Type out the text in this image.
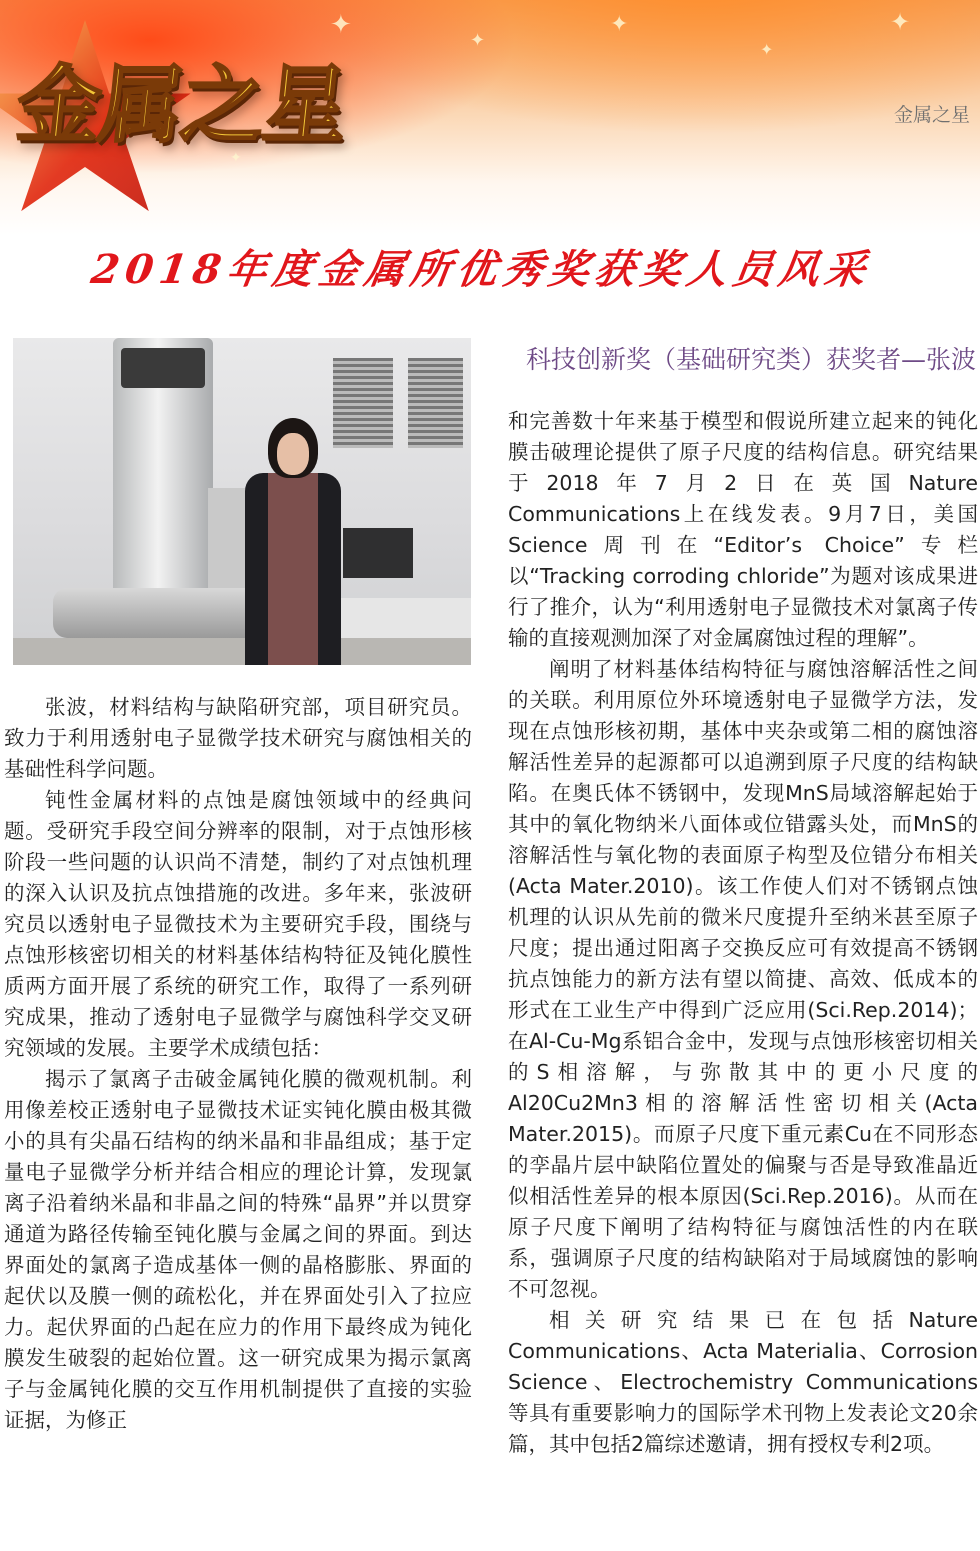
✦
✦
✦
✦
✦
✦
金属之星	金属之星
2018年度金属所优秀奖获奖人员风采
科技创新奖（基础研究类）获奖者—张波

张波，材料结构与缺陷研究部，项目研究员。致力于利用透射电子显微学技术研究与腐蚀相关的基础性科学问题。

钝性金属材料的点蚀是腐蚀领域中的经典问题。受研究手段空间分辨率的限制，对于点蚀形核阶段一些问题的认识尚不清楚，制约了对点蚀机理的深入认识及抗点蚀措施的改进。多年来，张波研究员以透射电子显微技术为主要研究手段，围绕与点蚀形核密切相关的材料基体结构特征及钝化膜性质两方面开展了系统的研究工作，取得了一系列研究成果，推动了透射电子显微学与腐蚀科学交叉研究领域的发展。主要学术成绩包括：

揭示了氯离子击破金属钝化膜的微观机制。利用像差校正透射电子显微技术证实钝化膜由极其微小的具有尖晶石结构的纳米晶和非晶组成；基于定量电子显微学分析并结合相应的理论计算，发现氯离子沿着纳米晶和非晶之间的特殊“晶界”并以贯穿通道为路径传输至钝化膜与金属之间的界面。到达界面处的氯离子造成基体一侧的晶格膨胀、界面的起伏以及膜一侧的疏松化，并在界面处引入了拉应力。起伏界面的凸起在应力的作用下最终成为钝化膜发生破裂的起始位置。这一研究成果为揭示氯离子与金属钝化膜的交互作用机制提供了直接的实验证据，为修正

和完善数十年来基于模型和假说所建立起来的钝化膜击破理论提供了原子尺度的结构信息。研究结果于2018年7月2日在英国Nature Communications上在线发表。9月7日，美国Science周刊在“Editor’s Choice”专栏以“Tracking corroding chloride”为题对该成果进行了推介，认为“利用透射电子显微技术对氯离子传输的直接观测加深了对金属腐蚀过程的理解”。

阐明了材料基体结构特征与腐蚀溶解活性之间的关联。利用原位外环境透射电子显微学方法，发现在点蚀形核初期，基体中夹杂或第二相的腐蚀溶解活性差异的起源都可以追溯到原子尺度的结构缺陷。在奥氏体不锈钢中，发现MnS局域溶解起始于其中的氧化物纳米八面体或位错露头处，而MnS的溶解活性与氧化物的表面原子构型及位错分布相关(Acta Mater.2010)。该工作使人们对不锈钢点蚀机理的认识从先前的微米尺度提升至纳米甚至原子尺度；提出通过阳离子交换反应可有效提高不锈钢抗点蚀能力的新方法有望以简捷、高效、低成本的形式在工业生产中得到广泛应用(Sci.Rep.2014)；在Al-Cu-Mg系铝合金中，发现与点蚀形核密切相关的S相溶解，与弥散其中的更小尺度的Al20Cu2Mn3相的溶解活性密切相关(Acta Mater.2015)。而原子尺度下重元素Cu在不同形态的孪晶片层中缺陷位置处的偏聚与否是导致准晶近似相活性差异的根本原因(Sci.Rep.2016)。从而在原子尺度下阐明了结构特征与腐蚀活性的内在联系，强调原子尺度的结构缺陷对于局域腐蚀的影响不可忽视。

相关研究结果已在包括Nature Communications、Acta Materialia、Corrosion Science、Electrochemistry Communications等具有重要影响力的国际学术刊物上发表论文20余篇，其中包括2篇综述邀请，拥有授权专利2项。
